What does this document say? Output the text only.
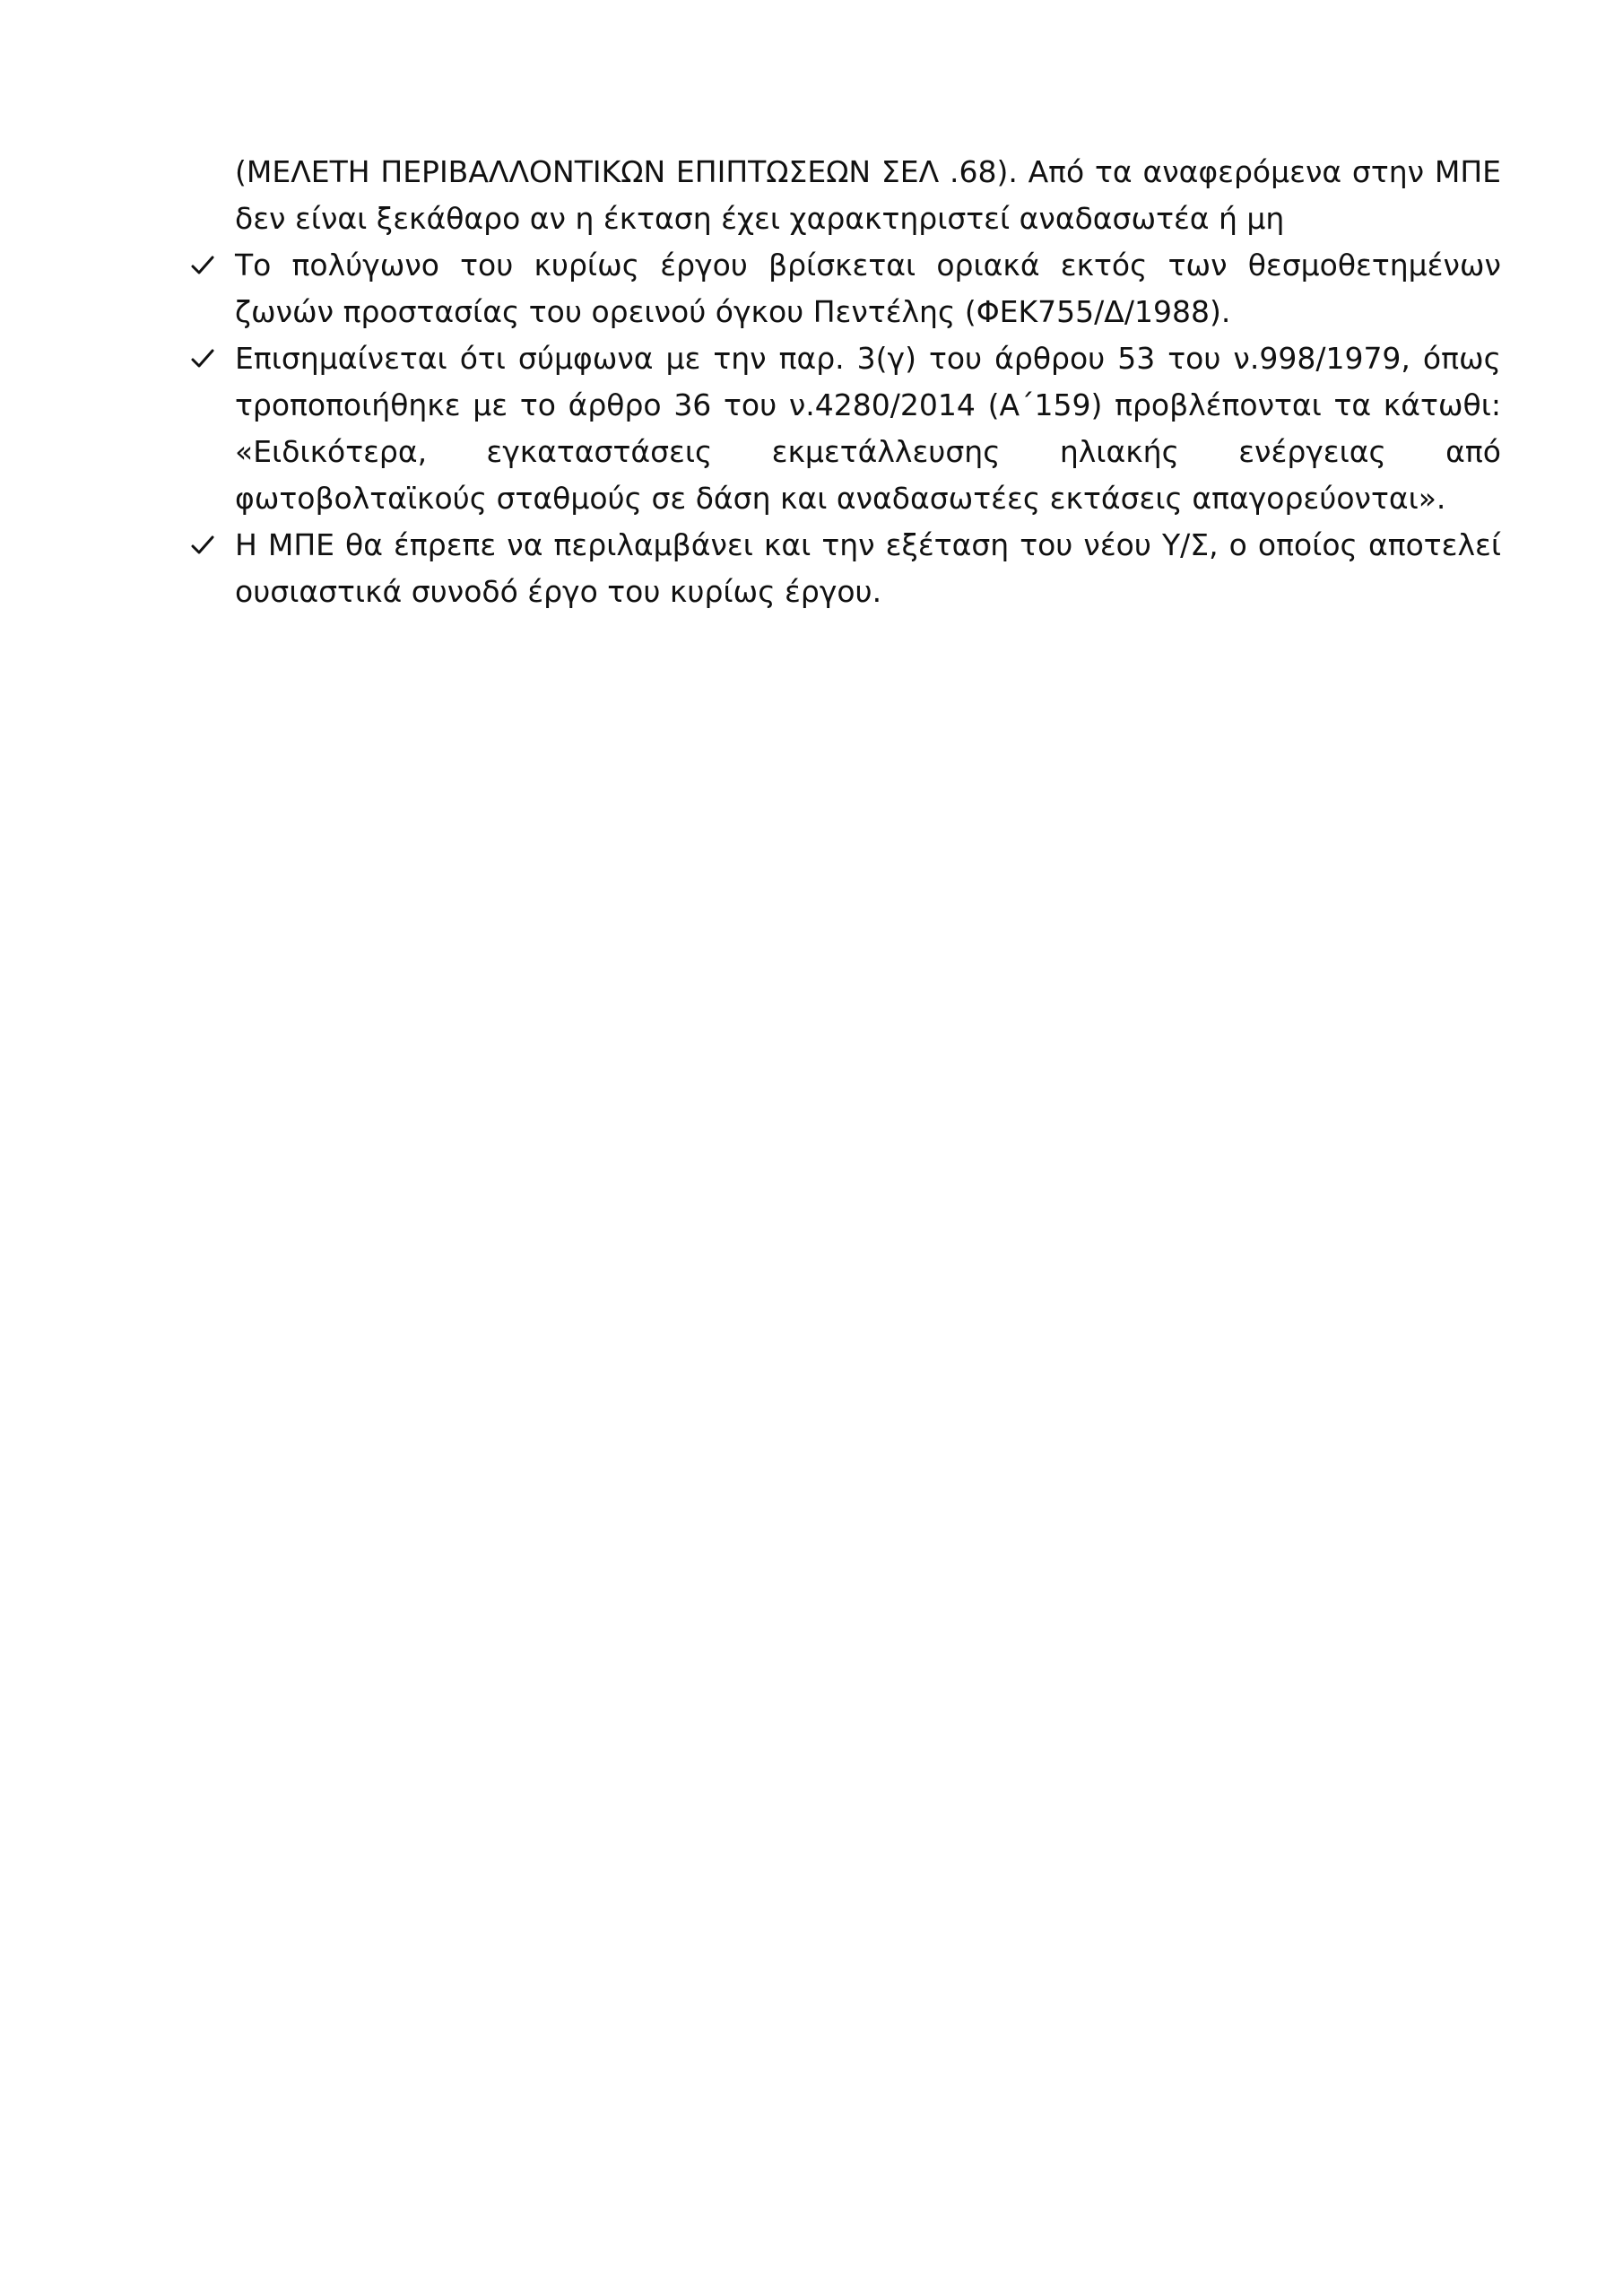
(ΜΕΛΕΤΗ ΠΕΡΙΒΑΛΛΟΝΤΙΚΩΝ ΕΠΙΠΤΩΣΕΩΝ ΣΕΛ .68). Από τα αναφερόμενα στην ΜΠΕ δεν είναι ξεκάθαρο αν η έκταση έχει χαρακτηριστεί αναδασωτέα ή μη

Το πολύγωνο του κυρίως έργου βρίσκεται οριακά εκτός των θεσμοθετημένων ζωνών προστασίας του ορεινού όγκου Πεντέλης (ΦΕΚ755/Δ/1988).
Επισημαίνεται ότι σύμφωνα με την παρ. 3(γ) του άρθρου 53 του ν.998/1979, όπως τροποποιήθηκε με το άρθρο 36 του ν.4280/2014 (Α΄159) προβλέπονται τα κάτωθι: «Ειδικότερα, εγκαταστάσεις εκμετάλλευσης ηλιακής ενέργειας από φωτοβολταϊκούς σταθμούς σε δάση και αναδασωτέες εκτάσεις απαγορεύονται».
Η ΜΠΕ θα έπρεπε να περιλαμβάνει και την εξέταση του νέου Υ/Σ, ο οποίος αποτελεί ουσιαστικά συνοδό έργο του κυρίως έργου.
